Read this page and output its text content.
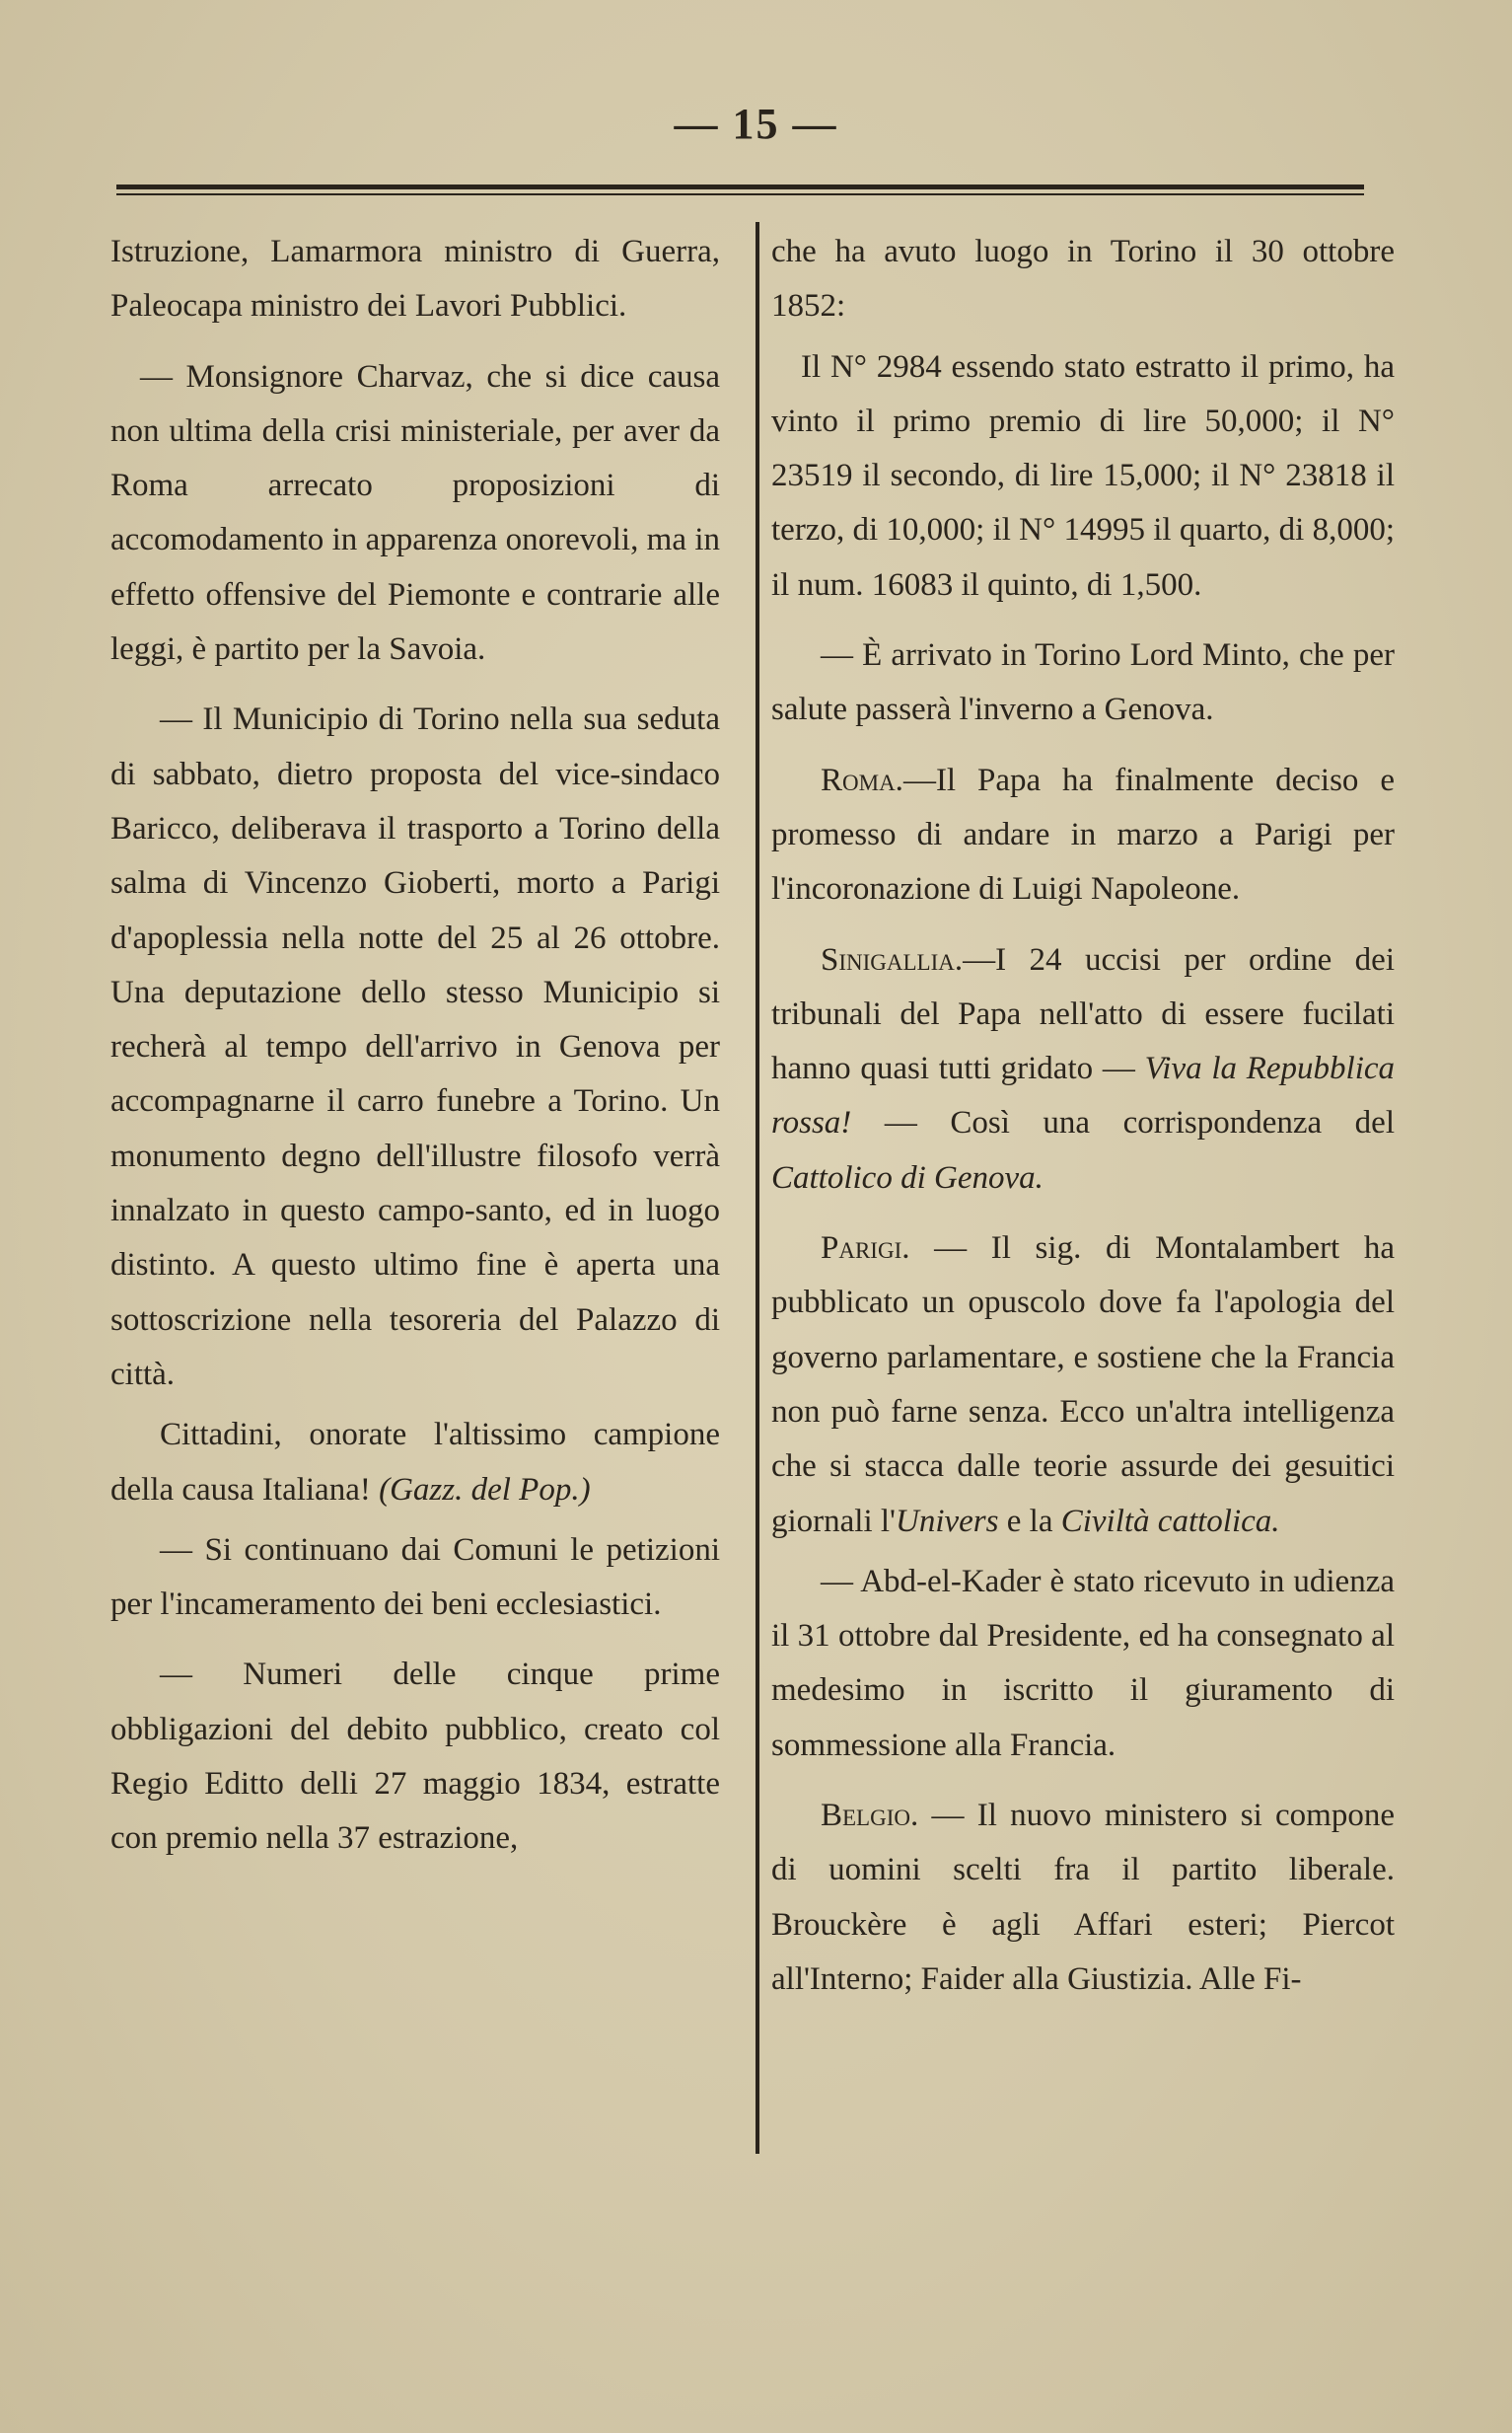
— 15 —

Istruzione, Lamarmora ministro di Guerra, Paleocapa ministro dei Lavori Pubblici.

— Monsignore Charvaz, che si dice causa non ultima della crisi ministeriale, per aver da Roma arrecato proposizioni di accomodamento in apparenza onorevoli, ma in effetto offensive del Piemonte e contrarie alle leggi, è partito per la Savoia.

— Il Municipio di Torino nella sua seduta di sabbato, dietro proposta del vice-sindaco Baricco, deliberava il trasporto a Torino della salma di Vincenzo Gioberti, morto a Parigi d'apoplessia nella notte del 25 al 26 ottobre. Una deputazione dello stesso Municipio si recherà al tempo dell'arrivo in Genova per accompagnarne il carro funebre a Torino. Un monumento degno dell'illustre filosofo verrà innalzato in questo campo-santo, ed in luogo distinto. A questo ultimo fine è aperta una sottoscrizione nella tesoreria del Palazzo di città.

Cittadini, onorate l'altissimo campione della causa Italiana! (Gazz. del Pop.)

— Si continuano dai Comuni le petizioni per l'incameramento dei beni ecclesiastici.

— Numeri delle cinque prime obbligazioni del debito pubblico, creato col Regio Editto delli 27 maggio 1834, estratte con premio nella 37 estrazione,

che ha avuto luogo in Torino il 30 ottobre 1852:

Il N° 2984 essendo stato estratto il primo, ha vinto il primo premio di lire 50,000; il N° 23519 il secondo, di lire 15,000; il N° 23818 il terzo, di 10,000; il N° 14995 il quarto, di 8,000; il num. 16083 il quinto, di 1,500.

— È arrivato in Torino Lord Minto, che per salute passerà l'inverno a Genova.

Roma.—Il Papa ha finalmente deciso e promesso di andare in marzo a Parigi per l'incoronazione di Luigi Napoleone.

Sinigallia.—I 24 uccisi per ordine dei tribunali del Papa nell'atto di essere fucilati hanno quasi tutti gridato — Viva la Repubblica rossa! — Così una corrispondenza del Cattolico di Genova.

Parigi. — Il sig. di Montalambert ha pubblicato un opuscolo dove fa l'apologia del governo parlamentare, e sostiene che la Francia non può farne senza. Ecco un'altra intelligenza che si stacca dalle teorie assurde dei gesuitici giornali l'Univers e la Civiltà cattolica.

— Abd-el-Kader è stato ricevuto in udienza il 31 ottobre dal Presidente, ed ha consegnato al medesimo in iscritto il giuramento di sommessione alla Francia.

Belgio. — Il nuovo ministero si compone di uomini scelti fra il partito liberale. Brouckère è agli Affari esteri; Piercot all'Interno; Faider alla Giustizia. Alle Fi-
